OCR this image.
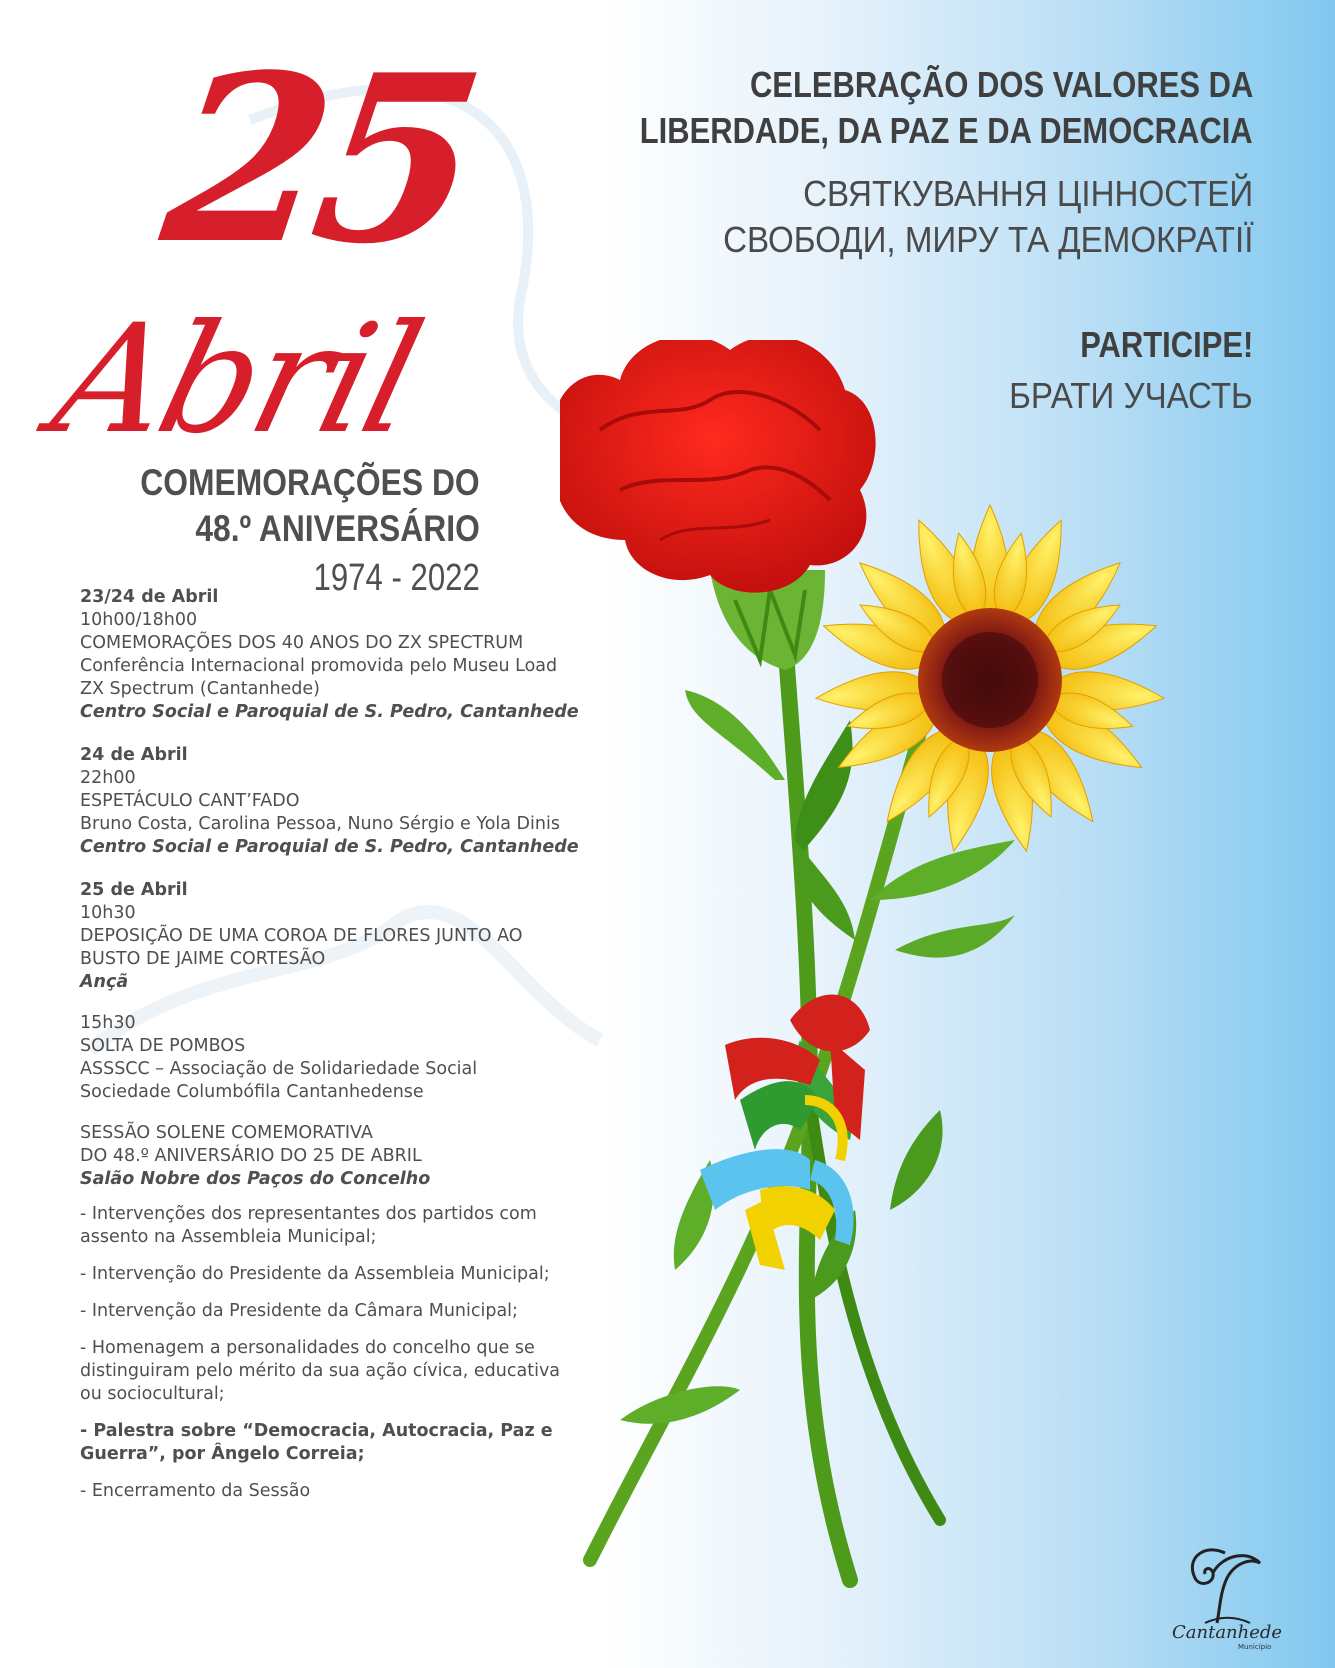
25
Abril
COMEMORAÇÕES DO
48.º ANIVERSÁRIO
1974 - 2022
CELEBRAÇÃO DOS VALORES DA
LIBERDADE, DA PAZ E DA DEMOCRACIA
СВЯТКУВАННЯ ЦІННОСТЕЙ
СВОБОДИ, МИРУ ТА ДЕМОКРАТІЇ
PARTICIPE!
БРАТИ УЧАСТЬ
23/24 de Abril
10h00/18h00
COMEMORAÇÕES DOS 40 ANOS DO ZX SPECTRUM
Conferência Internacional promovida pelo Museu Load
ZX Spectrum (Cantanhede)
Centro Social e Paroquial de S. Pedro, Cantanhede
24 de Abril
22h00
ESPETÁCULO CANT’FADO
Bruno Costa, Carolina Pessoa, Nuno Sérgio e Yola Dinis
Centro Social e Paroquial de S. Pedro, Cantanhede
25 de Abril
10h30
DEPOSIÇÃO DE UMA COROA DE FLORES JUNTO AO
BUSTO DE JAIME CORTESÃO
Ançã
15h30
SOLTA DE POMBOS
ASSSCC – Associação de Solidariedade Social
Sociedade Columbófila Cantanhedense
SESSÃO SOLENE COMEMORATIVA
DO 48.º ANIVERSÁRIO DO 25 DE ABRIL
Salão Nobre dos Paços do Concelho
- Intervenções dos representantes dos partidos com
assento na Assembleia Municipal;
- Intervenção do Presidente da Assembleia Municipal;
- Intervenção da Presidente da Câmara Municipal;
- Homenagem a personalidades do concelho que se
distinguiram pelo mérito da sua ação cívica, educativa
ou sociocultural;
- Palestra sobre “Democracia, Autocracia, Paz e
Guerra”, por Ângelo Correia;
- Encerramento da Sessão
Cantanhede
Município
